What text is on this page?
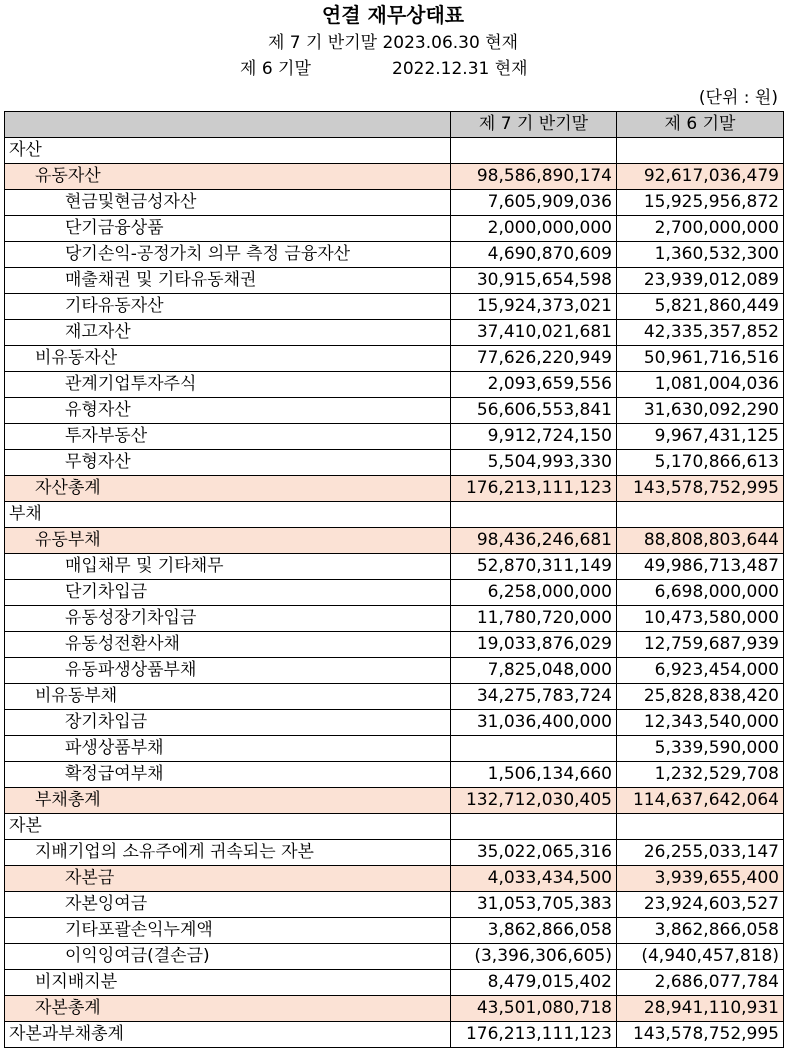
연결 재무상태표
제 7 기 반기말 2023.06.30 현재
제 6 기말	2022.12.31 현재
(단위 : 원)
	제 7 기 반기말	제 6 기말
자산		
유동자산	98,586,890,174	92,617,036,479
현금및현금성자산	7,605,909,036	15,925,956,872
단기금융상품	2,000,000,000	2,700,000,000
당기손익-공정가치 의무 측정 금융자산	4,690,870,609	1,360,532,300
매출채권 및 기타유동채권	30,915,654,598	23,939,012,089
기타유동자산	15,924,373,021	5,821,860,449
재고자산	37,410,021,681	42,335,357,852
비유동자산	77,626,220,949	50,961,716,516
관계기업투자주식	2,093,659,556	1,081,004,036
유형자산	56,606,553,841	31,630,092,290
투자부동산	9,912,724,150	9,967,431,125
무형자산	5,504,993,330	5,170,866,613
자산총계	176,213,111,123	143,578,752,995
부채		
유동부채	98,436,246,681	88,808,803,644
매입채무 및 기타채무	52,870,311,149	49,986,713,487
단기차입금	6,258,000,000	6,698,000,000
유동성장기차입금	11,780,720,000	10,473,580,000
유동성전환사채	19,033,876,029	12,759,687,939
유동파생상품부채	7,825,048,000	6,923,454,000
비유동부채	34,275,783,724	25,828,838,420
장기차입금	31,036,400,000	12,343,540,000
파생상품부채		5,339,590,000
확정급여부채	1,506,134,660	1,232,529,708
부채총계	132,712,030,405	114,637,642,064
자본		
지배기업의 소유주에게 귀속되는 자본	35,022,065,316	26,255,033,147
자본금	4,033,434,500	3,939,655,400
자본잉여금	31,053,705,383	23,924,603,527
기타포괄손익누계액	3,862,866,058	3,862,866,058
이익잉여금(결손금)	(3,396,306,605)	(4,940,457,818)
비지배지분	8,479,015,402	2,686,077,784
자본총계	43,501,080,718	28,941,110,931
자본과부채총계	176,213,111,123	143,578,752,995
